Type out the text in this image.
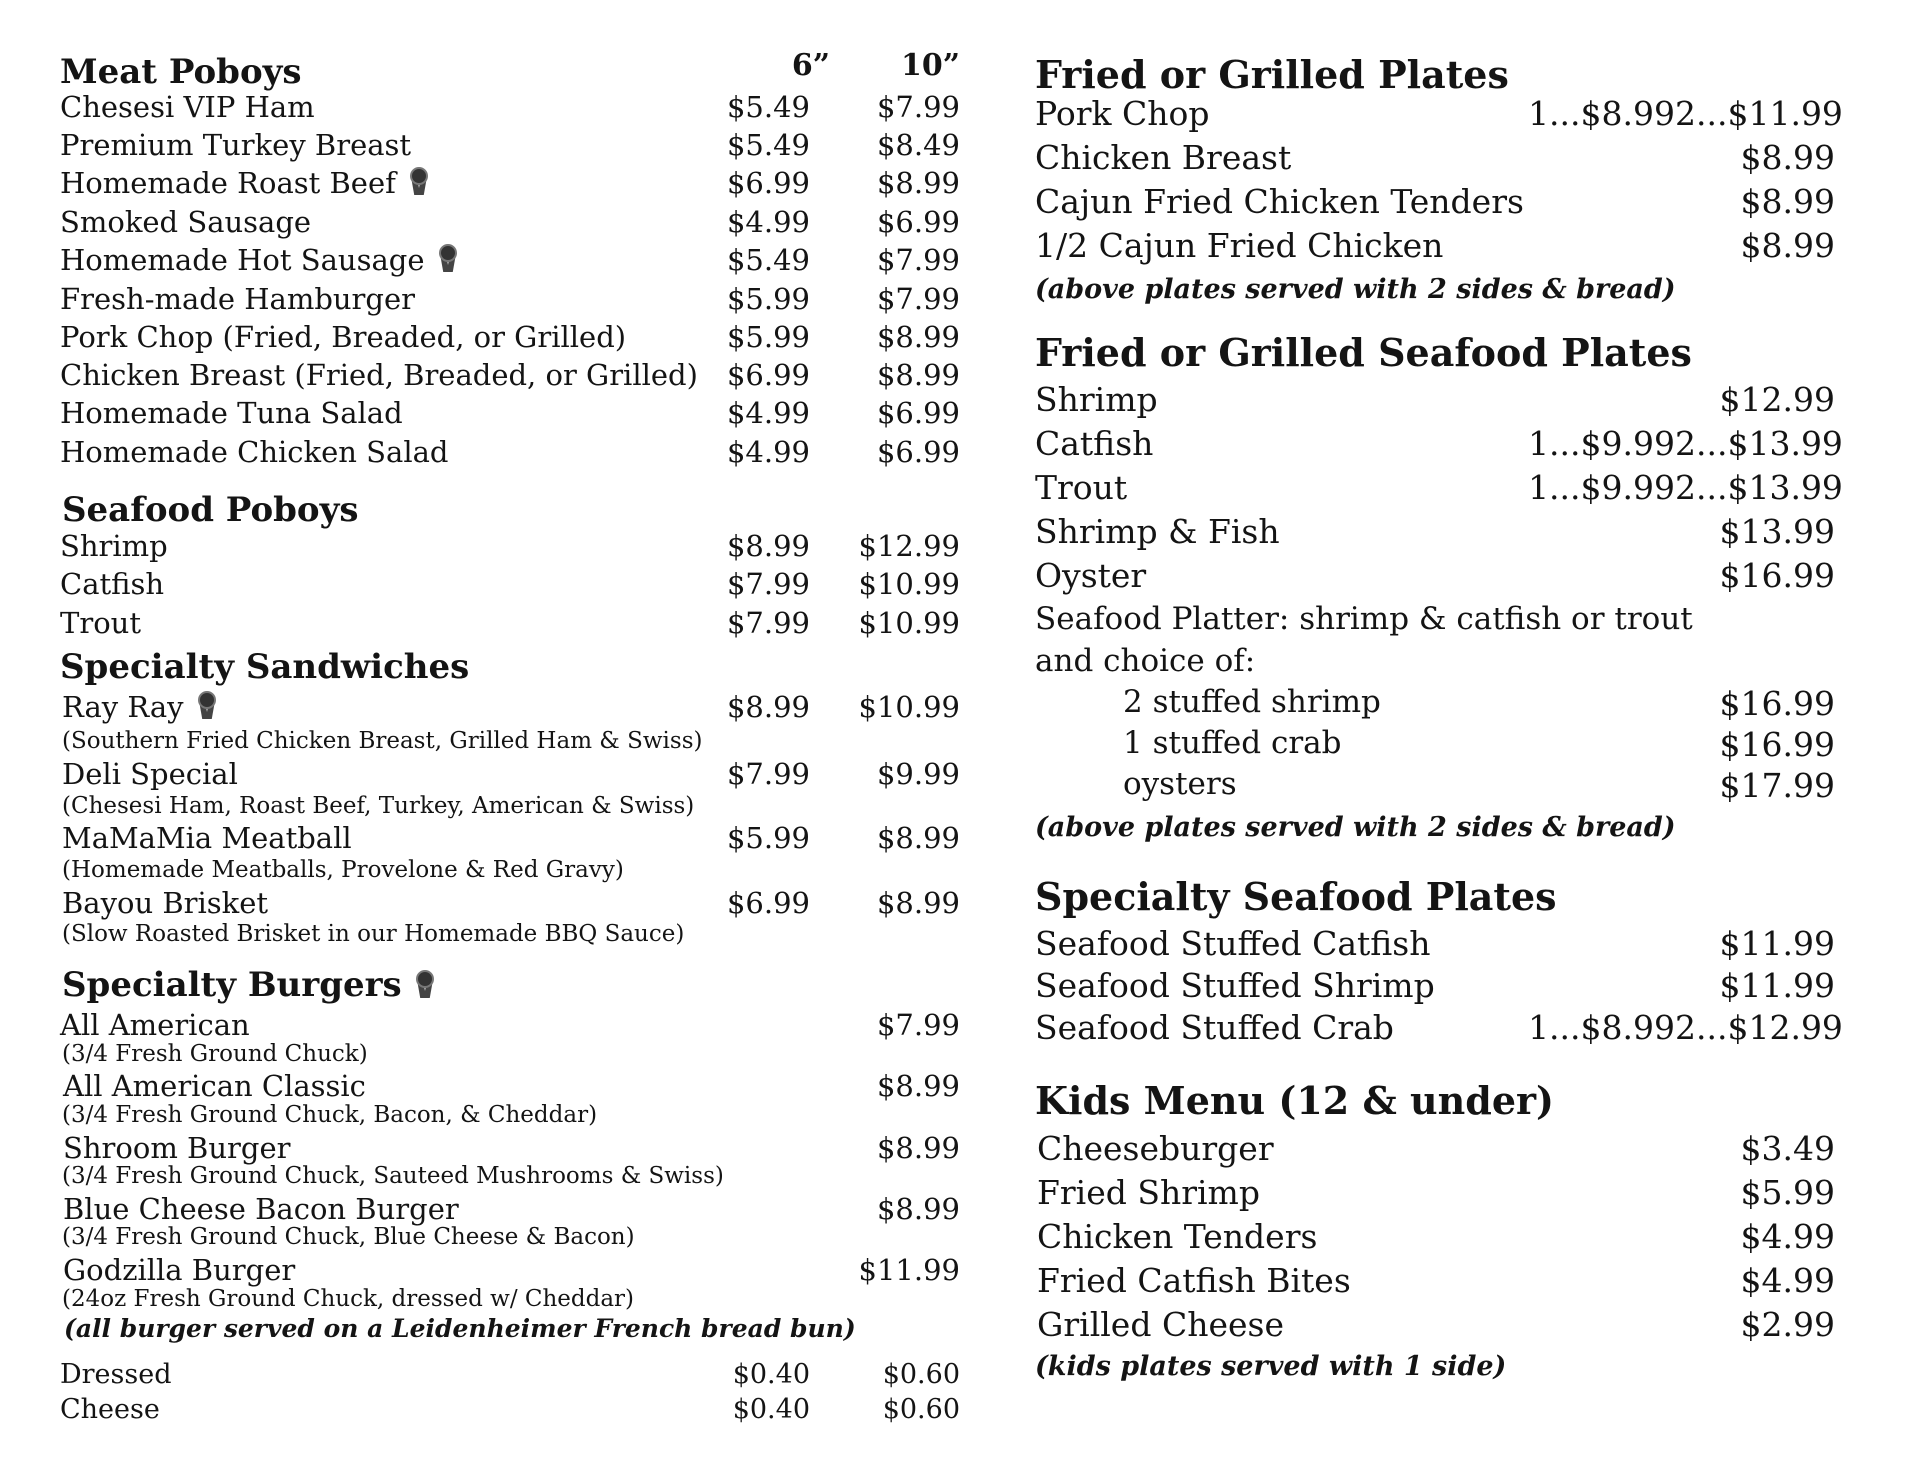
Meat Poboys	6”	10”
Chesesi VIP Ham	$5.49	$7.99
Premium Turkey Breast	$5.49	$8.49
Homemade Roast Beef	$6.99	$8.99
Smoked Sausage	$4.99	$6.99
Homemade Hot Sausage	$5.49	$7.99
Fresh-made Hamburger	$5.99	$7.99
Pork Chop (Fried, Breaded, or Grilled)	$5.99	$8.99
Chicken Breast (Fried, Breaded, or Grilled)	$6.99	$8.99
Homemade Tuna Salad	$4.99	$6.99
Homemade Chicken Salad	$4.99	$6.99
Seafood Poboys
Shrimp	$8.99	$12.99
Catfish	$7.99	$10.99
Trout	$7.99	$10.99
Specialty Sandwiches
Ray Ray	$8.99	$10.99
(Southern Fried Chicken Breast, Grilled Ham & Swiss)
Deli Special	$7.99	$9.99
(Chesesi Ham, Roast Beef, Turkey, American & Swiss)
MaMaMia Meatball	$5.99	$8.99
(Homemade Meatballs, Provelone & Red Gravy)
Bayou Brisket	$6.99	$8.99
(Slow Roasted Brisket in our Homemade BBQ Sauce)
Specialty Burgers
All American	$7.99
(3/4 Fresh Ground Chuck)
All American Classic	$8.99
(3/4 Fresh Ground Chuck, Bacon, & Cheddar)
Shroom Burger	$8.99
(3/4 Fresh Ground Chuck, Sauteed Mushrooms & Swiss)
Blue Cheese Bacon Burger	$8.99
(3/4 Fresh Ground Chuck, Blue Cheese & Bacon)
Godzilla Burger	$11.99
(24oz Fresh Ground Chuck, dressed w/ Cheddar)
(all burger served on a Leidenheimer French bread bun)
Dressed	$0.40	$0.60
Cheese	$0.40	$0.60
Fried or Grilled Plates
Pork Chop	1...$8.99 2...$11.99
Chicken Breast	$8.99
Cajun Fried Chicken Tenders	$8.99
1/2 Cajun Fried Chicken	$8.99
(above plates served with 2 sides & bread)
Fried or Grilled Seafood Plates
Shrimp	$12.99
Catfish	1...$9.99 2...$13.99
Trout	1...$9.99 2...$13.99
Shrimp & Fish	$13.99
Oyster	$16.99
Seafood Platter: shrimp & catfish or trout
and choice of:
2 stuffed shrimp	$16.99
1 stuffed crab	$16.99
oysters	$17.99
(above plates served with 2 sides & bread)
Specialty Seafood Plates
Seafood Stuffed Catfish	$11.99
Seafood Stuffed Shrimp	$11.99
Seafood Stuffed Crab	1...$8.99 2...$12.99
Kids Menu (12 & under)
Cheeseburger	$3.49
Fried Shrimp	$5.99
Chicken Tenders	$4.99
Fried Catfish Bites	$4.99
Grilled Cheese	$2.99
(kids plates served with 1 side)
